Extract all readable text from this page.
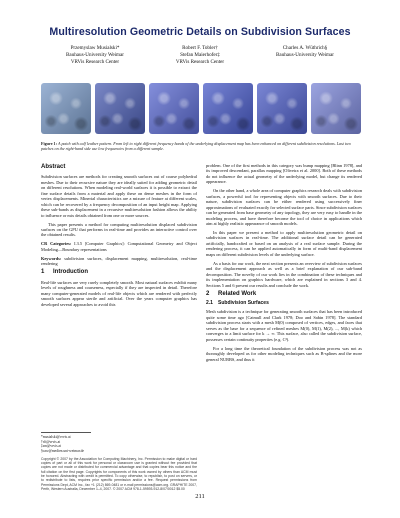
Multiresolution Geometric Details on Subdivision Surfaces
Przemyslaw Musialski*
Bauhaus-University Weimar
VRVis Research Center
Robert F. Tobler†
Stefan Maierhofer‡
VRVis Research Center
Charles A. Wüthrich§
Bauhaus-University Weimar
Figure 1: A patch with calf leather pattern. From left to right different frequency bands of the underlying displacement map has been enhanced on different subdivision resolutions. Last two patches on the right-hand side use low frequencies from a different sample.
Abstract

Subdivision surfaces are methods for creating smooth surfaces out of coarse polyhedral meshes. Due to their recursive nature they are ideally suited for adding geometric detail on different resolutions. When modeling real-world surfaces it is possible to extract the fine surface details from a material and apply these on dense meshes in the form of vertex displacements. Minerial characteristics are a mixure of feature at different scales, which can be recovered by a frequency decomposition of an input height map. Applying these sub-bands as displacement in a recursive multiresolution fashion allows the ability to influence or mix details obtained from one or more sources.

This paper presents a method for computing multiresolution displaced subdivision surfaces on the GPU that performs in real-time and provides an interactive control over the obtained results.

CR Categories: I.3.5 [Computer Graphics]: Computational Geometry and Object Modeling—Boundary representations

Keywords: subdivision surfaces, displacement mapping, multiresolution, real-time rendering

1 Introduction

Real-life surfaces are very rarely completely smooth. Most natural surfaces exhibit many levels of roughness and coarseness, especially if they are inspected in detail. Therefore many computer-generated models of real-life objects which are rendered with perfectly smooth surfaces appear sterile and artificial. Over the years computer graphics has developed several approaches to avoid this

*musialski@vrvis.at
†rft@vrvis.at
‡sm@vrvis.at
§caw@medien.uni-weimar.de
Copyright © 2007 by the Association for Computing Machinery, Inc. Permission to make digital or hard copies of part or all of this work for personal or classroom use is granted without fee provided that copies are not made or distributed for commercial advantage and that copies bear this notice and the full citation on the first page. Copyrights for components of this work owned by others than ACM must be honored. Abstracting with credit is permitted. To copy otherwise, to republish, to post on servers, or to redistribute to lists, requires prior specific permission and/or a fee. Request permissions from Permissions Dept, ACM Inc., fax +1 (212) 869-0481 or e-mail permissions@acm.org. GRAPHITE 2007, Perth, Western Australia, December 1–4, 2007. © 2007 ACM 978-1-59593-912-8/07/0012 $5.00

problem. One of the first methods in this category was bump mapping [Blinn 1978], and its improved descendant, parallax mapping [Oliveira et al. 2000]. Both of these methods do not influence the actual geometry of the underlying model, but change its rendered appearance.

On the other hand, a whole area of computer graphics research deals with subdivision surfaces, a powerful tool for representing objects with smooth surfaces. Due to their nature, subdivision surfaces can be either rendered using successively finer approximations of evaluated exactly for selected surface parts. Since subdivision surfaces can be generated from base geometry of any topology, they are very easy to handle in the modeling process, and have therefore become the tool of choice in applications which aim at highly realistic appearance of smooth models.

In this paper we present a method to apply multiresolution geometric detail on subdivision surfaces in real-time. The additional surface detail can be generated artificially, handcrafted or based on an analysis of a real surface sample. During the rendering process, it can be applied automatically in form of multi-band displacement maps on different subdivision levels of the underlying surface.

As a basis for our work, the next section presents an overview of subdivision surfaces and the displacement approach as well as a brief explanation of our sub-band decomposition. The novelty of our work lies in the combination of these techniques and its implementation on graphics hardware, which are explained in sections 3 and 4. Sections 5 and 6 present our results and conclude the work.

2 Related Work
2.1 Subdivision Surfaces

Mesh subdivision is a technique for generating smooth surfaces that has been introduced quite some time ago [Catmull and Clark 1978; Doo and Sabin 1978]. The standard subdivision process starts with a mesh M(0) composed of vertices, edges, and faces that serves as the base for a sequence of refined meshes M(0), M(1), M(2), ..., M(k) which converges to a limit surface for k → ∞. This surface, also called the subdivision surface, possesses certain continuity properties (e.g. C²).

For a long time the theoretical foundation of the subdivision process was not as thoroughly developed as for other modeling techniques such as B-splines and the more general NURBS, and thus it

211
